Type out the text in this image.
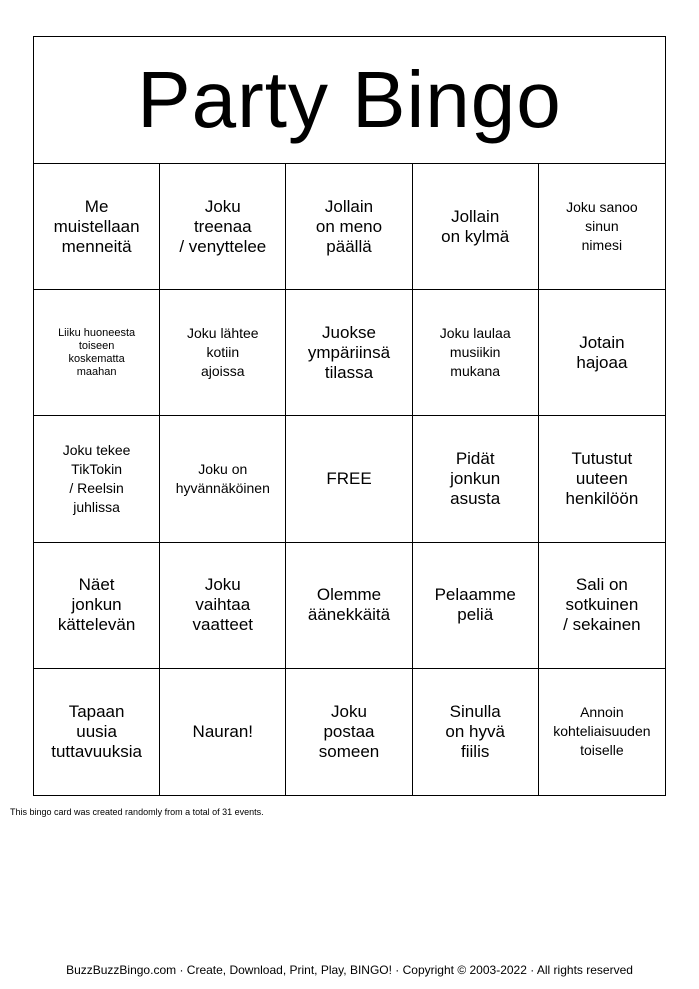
Party Bingo
Me
muistellaan
menneitä
Joku
treenaa
/ venyttelee
Jollain
on meno
päällä
Jollain
on kylmä
Joku sanoo
sinun
nimesi
Liiku huoneesta
toiseen
koskematta
maahan
Joku lähtee
kotiin
ajoissa
Juokse
ympäriinsä
tilassa
Joku laulaa
musiikin
mukana
Jotain
hajoaa
Joku tekee
TikTokin
/ Reelsin
juhlissa
Joku on
hyvännäköinen	FREE
Pidät
jonkun
asusta
Tutustut
uuteen
henkilöön
Näet
jonkun
kättelevän
Joku
vaihtaa
vaatteet
Olemme
äänekkäitä
Pelaamme
peliä
Sali on
sotkuinen
/ sekainen
Tapaan
uusia
tuttavuuksia
Nauran!
Joku
postaa
someen
Sinulla
on hyvä
fiilis
Annoin
kohteliaisuuden
toiselle
This bingo card was created randomly from a total of 31 events.
BuzzBuzzBingo.com · Create, Download, Print, Play, BINGO! · Copyright © 2003-2022 · All rights reserved
